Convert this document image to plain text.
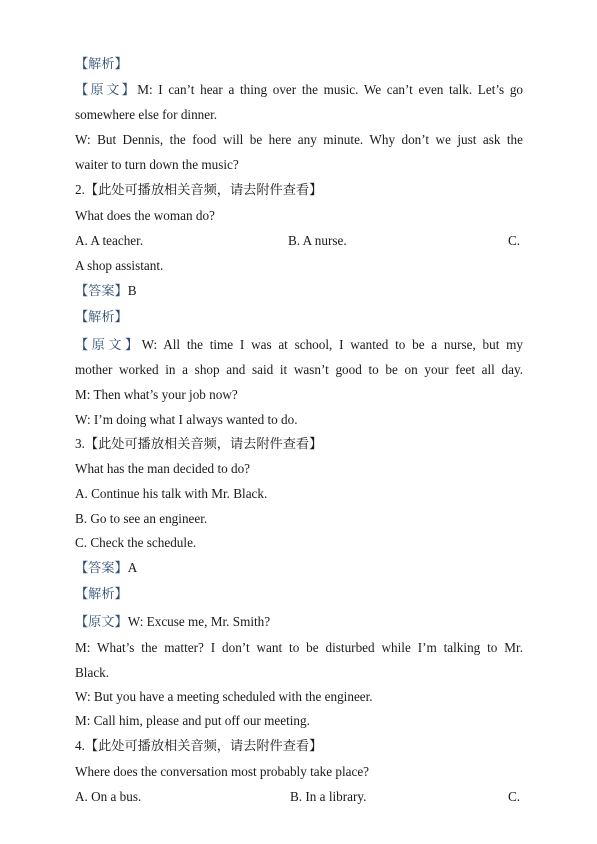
【解析】
【原文】M: I can’t hear a thing over the music. We can’t even talk. Let’s go
somewhere else for dinner.
W: But Dennis, the food will be here any minute. Why don’t we just ask the
waiter to turn down the music?
2.【此处可播放相关音频，请去附件查看】
What does the woman do?
A. A teacher.	B. A nurse.	C.
A shop assistant.
【答案】B
【解析】
【原文】W: All the time I was at school, I wanted to be a nurse, but my
mother worked in a shop and said it wasn’t good to be on your feet all day.
M: Then what’s your job now?
W: I’m doing what I always wanted to do.
3.【此处可播放相关音频，请去附件查看】
What has the man decided to do?
A. Continue his talk with Mr. Black.
B. Go to see an engineer.
C. Check the schedule.
【答案】A
【解析】
【原文】W: Excuse me, Mr. Smith?
M: What’s the matter? I don’t want to be disturbed while I’m talking to Mr.
Black.
W: But you have a meeting scheduled with the engineer.
M: Call him, please and put off our meeting.
4.【此处可播放相关音频，请去附件查看】
Where does the conversation most probably take place?
A. On a bus.	B. In a library.	C.
